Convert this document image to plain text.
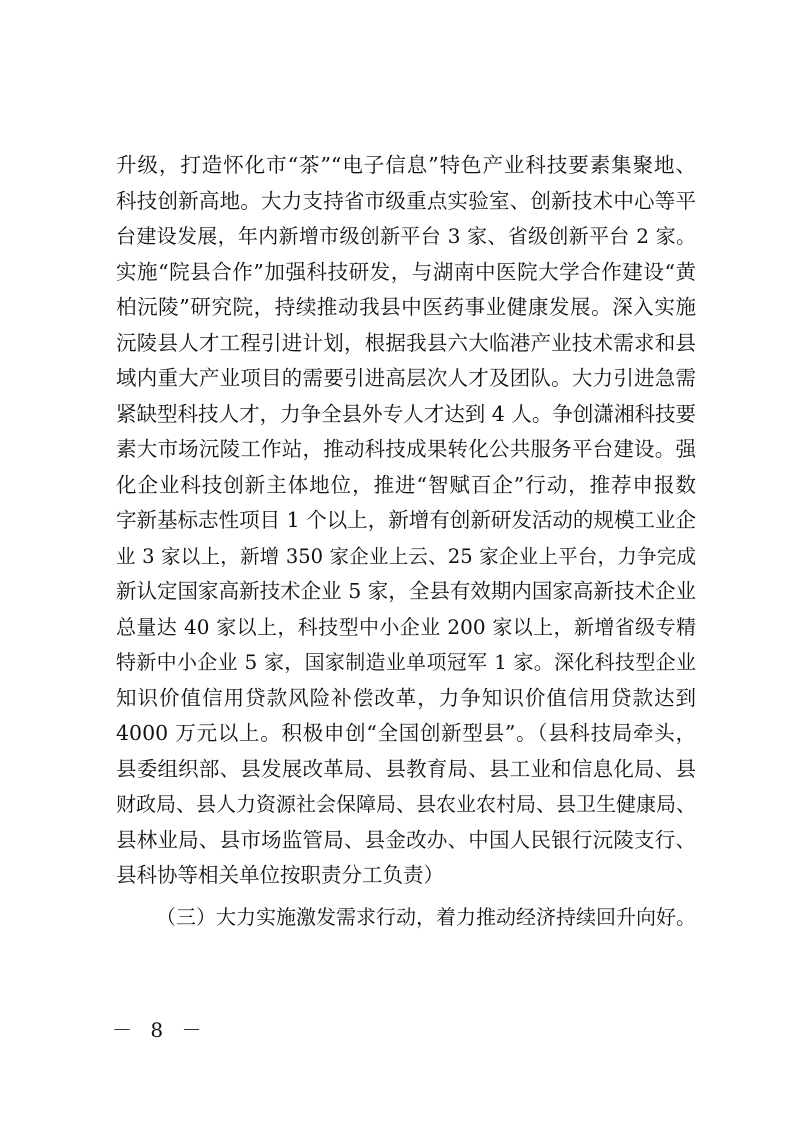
升级，打造怀化市“茶”“电子信息”特色产业科技要素集聚地、
科技创新高地。大力支持省市级重点实验室、创新技术中心等平
台建设发展，年内新增市级创新平台 3 家、省级创新平台 2 家。
实施“院县合作”加强科技研发，与湖南中医院大学合作建设“黄
柏沅陵”研究院，持续推动我县中医药事业健康发展。深入实施
沅陵县人才工程引进计划，根据我县六大临港产业技术需求和县
域内重大产业项目的需要引进高层次人才及团队。大力引进急需
紧缺型科技人才，力争全县外专人才达到 4 人。争创潇湘科技要
素大市场沅陵工作站，推动科技成果转化公共服务平台建设。强
化企业科技创新主体地位，推进“智赋百企”行动，推荐申报数
字新基标志性项目 1 个以上，新增有创新研发活动的规模工业企
业 3 家以上，新增 350 家企业上云、25 家企业上平台，力争完成
新认定国家高新技术企业 5 家，全县有效期内国家高新技术企业
总量达 40 家以上，科技型中小企业 200 家以上，新增省级专精
特新中小企业 5 家，国家制造业单项冠军 1 家。深化科技型企业
知识价值信用贷款风险补偿改革，力争知识价值信用贷款达到
4000 万元以上。积极申创“全国创新型县”。（县科技局牵头，
县委组织部、县发展改革局、县教育局、县工业和信息化局、县
财政局、县人力资源社会保障局、县农业农村局、县卫生健康局、
县林业局、县市场监管局、县金改办、中国人民银行沅陵支行、
县科协等相关单位按职责分工负责）
（三）大力实施激发需求行动，着力推动经济持续回升向好。
－ 8 －
